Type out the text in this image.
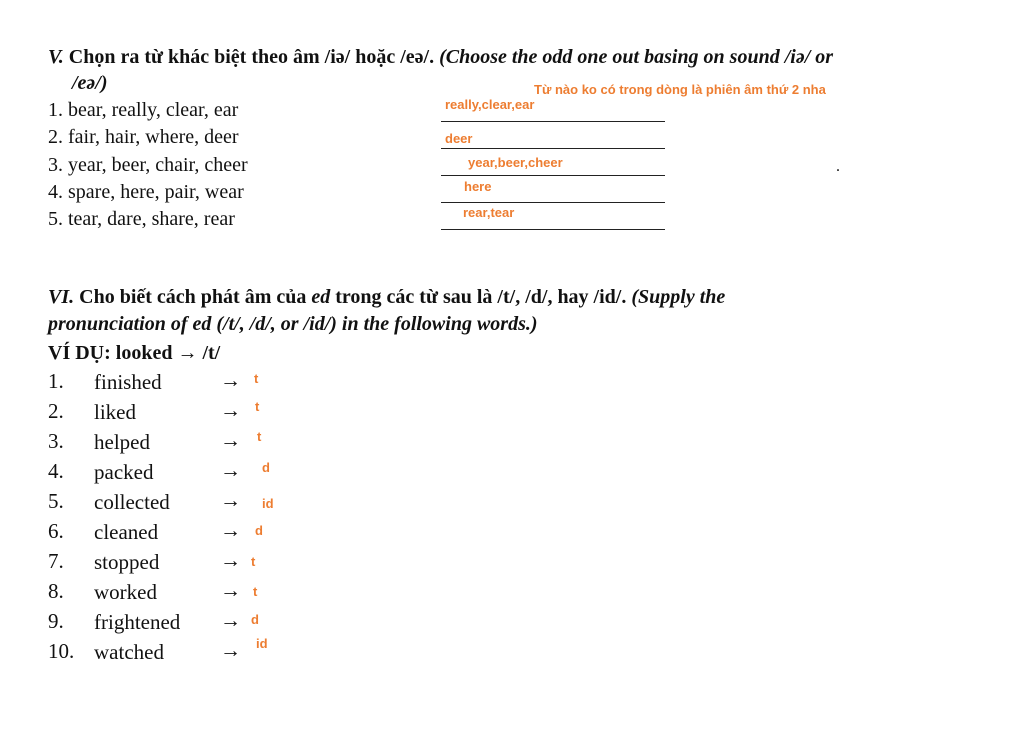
V. Chọn ra từ khác biệt theo âm /iə/ hoặc /eə/. (Choose the odd one out basing on sound /iə/ or
/eə/)	Từ nào ko có trong dòng là phiên âm thứ 2 nha
1. bear, really, clear, ear
2. fair, hair, where, deer
3. year, beer, chair, cheer
4. spare, here, pair, wear
5. tear, dare, share, rear
really,clear,ear
deer
year,beer,cheer
here
rear,tear
.
VI. Cho biết cách phát âm của ed trong các từ sau là /t/, /d/, hay /id/. (Supply the
pronunciation of ed (/t/, /d/, or /id/) in the following words.)
VÍ DỤ: looked → /t/
1. finished	→ t
2. liked	→ t
3. helped	→ t
4. packed	→ d
5. collected → id
6. cleaned	→ d
7. stopped	→ t
8. worked	→ t
9. frightened → d
10. watched	→ id
